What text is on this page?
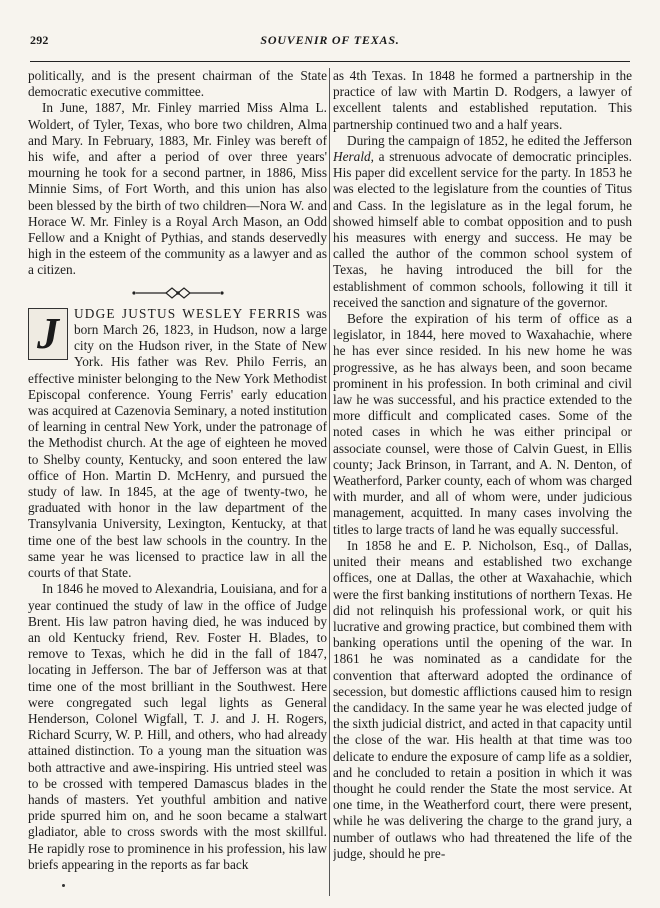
292	SOUVENIR OF TEXAS.

politically, and is the present chairman of the State democratic executive committee.

In June, 1887, Mr. Finley married Miss Alma L. Woldert, of Tyler, Texas, who bore two children, Alma and Mary. In February, 1883, Mr. Finley was bereft of his wife, and after a period of over three years' mourning he took for a second partner, in 1886, Miss Minnie Sims, of Fort Worth, and this union has also been blessed by the birth of two children—Nora W. and Horace W. Mr. Finley is a Royal Arch Mason, an Odd Fellow and a Knight of Pythias, and stands deservedly high in the esteem of the community as a lawyer and as a citizen.

J	UDGE JUSTUS WESLEY FERRIS was born March 26, 1823, in Hudson, now a large city on the Hudson river, in the State of New York. His father was Rev. Philo Ferris, an effective minister belonging to the New York Methodist Episcopal conference. Young Ferris' early education was acquired at Cazenovia Seminary, a noted institution of learning in central New York, under the patronage of the Methodist church. At the age of eighteen he moved to Shelby county, Kentucky, and soon entered the law office of Hon. Martin D. McHenry, and pursued the study of law. In 1845, at the age of twenty-two, he graduated with honor in the law department of the Transylvania University, Lexington, Kentucky, at that time one of the best law schools in the country. In the same year he was licensed to practice law in all the courts of that State.

In 1846 he moved to Alexandria, Louisiana, and for a year continued the study of law in the office of Judge Brent. His law patron having died, he was induced by an old Kentucky friend, Rev. Foster H. Blades, to remove to Texas, which he did in the fall of 1847, locating in Jefferson. The bar of Jefferson was at that time one of the most brilliant in the Southwest. Here were congregated such legal lights as General Henderson, Colonel Wigfall, T. J. and J. H. Rogers, Richard Scurry, W. P. Hill, and others, who had already attained distinction. To a young man the situation was both attractive and awe-inspiring. His untried steel was to be crossed with tempered Damascus blades in the hands of masters. Yet youthful ambition and native pride spurred him on, and he soon became a stalwart gladiator, able to cross swords with the most skillful. He rapidly rose to prominence in his profession, his law briefs appearing in the reports as far back

as 4th Texas. In 1848 he formed a partnership in the practice of law with Martin D. Rodgers, a lawyer of excellent talents and established reputation. This partnership continued two and a half years.

During the campaign of 1852, he edited the Jefferson Herald, a strenuous advocate of democratic principles. His paper did excellent service for the party. In 1853 he was elected to the legislature from the counties of Titus and Cass. In the legislature as in the legal forum, he showed himself able to combat opposition and to push his measures with energy and success. He may be called the author of the common school system of Texas, he having introduced the bill for the establishment of common schools, following it till it received the sanction and signature of the governor.

Before the expiration of his term of office as a legislator, in 1844, here moved to Waxahachie, where he has ever since resided. In his new home he was progressive, as he has always been, and soon became prominent in his profession. In both criminal and civil law he was successful, and his practice extended to the more difficult and complicated cases. Some of the noted cases in which he was either principal or associate counsel, were those of Calvin Guest, in Ellis county; Jack Brinson, in Tarrant, and A. N. Denton, of Weatherford, Parker county, each of whom was charged with murder, and all of whom were, under judicious management, acquitted. In many cases involving the titles to large tracts of land he was equally successful.

In 1858 he and E. P. Nicholson, Esq., of Dallas, united their means and established two exchange offices, one at Dallas, the other at Waxahachie, which were the first banking institutions of northern Texas. He did not relinquish his professional work, or quit his lucrative and growing practice, but combined them with banking operations until the opening of the war. In 1861 he was nominated as a candidate for the convention that afterward adopted the ordinance of secession, but domestic afflictions caused him to resign the candidacy. In the same year he was elected judge of the sixth judicial district, and acted in that capacity until the close of the war. His health at that time was too delicate to endure the exposure of camp life as a soldier, and he concluded to retain a position in which it was thought he could render the State the most service. At one time, in the Weatherford court, there were present, while he was delivering the charge to the grand jury, a number of outlaws who had threatened the life of the judge, should he pre-
